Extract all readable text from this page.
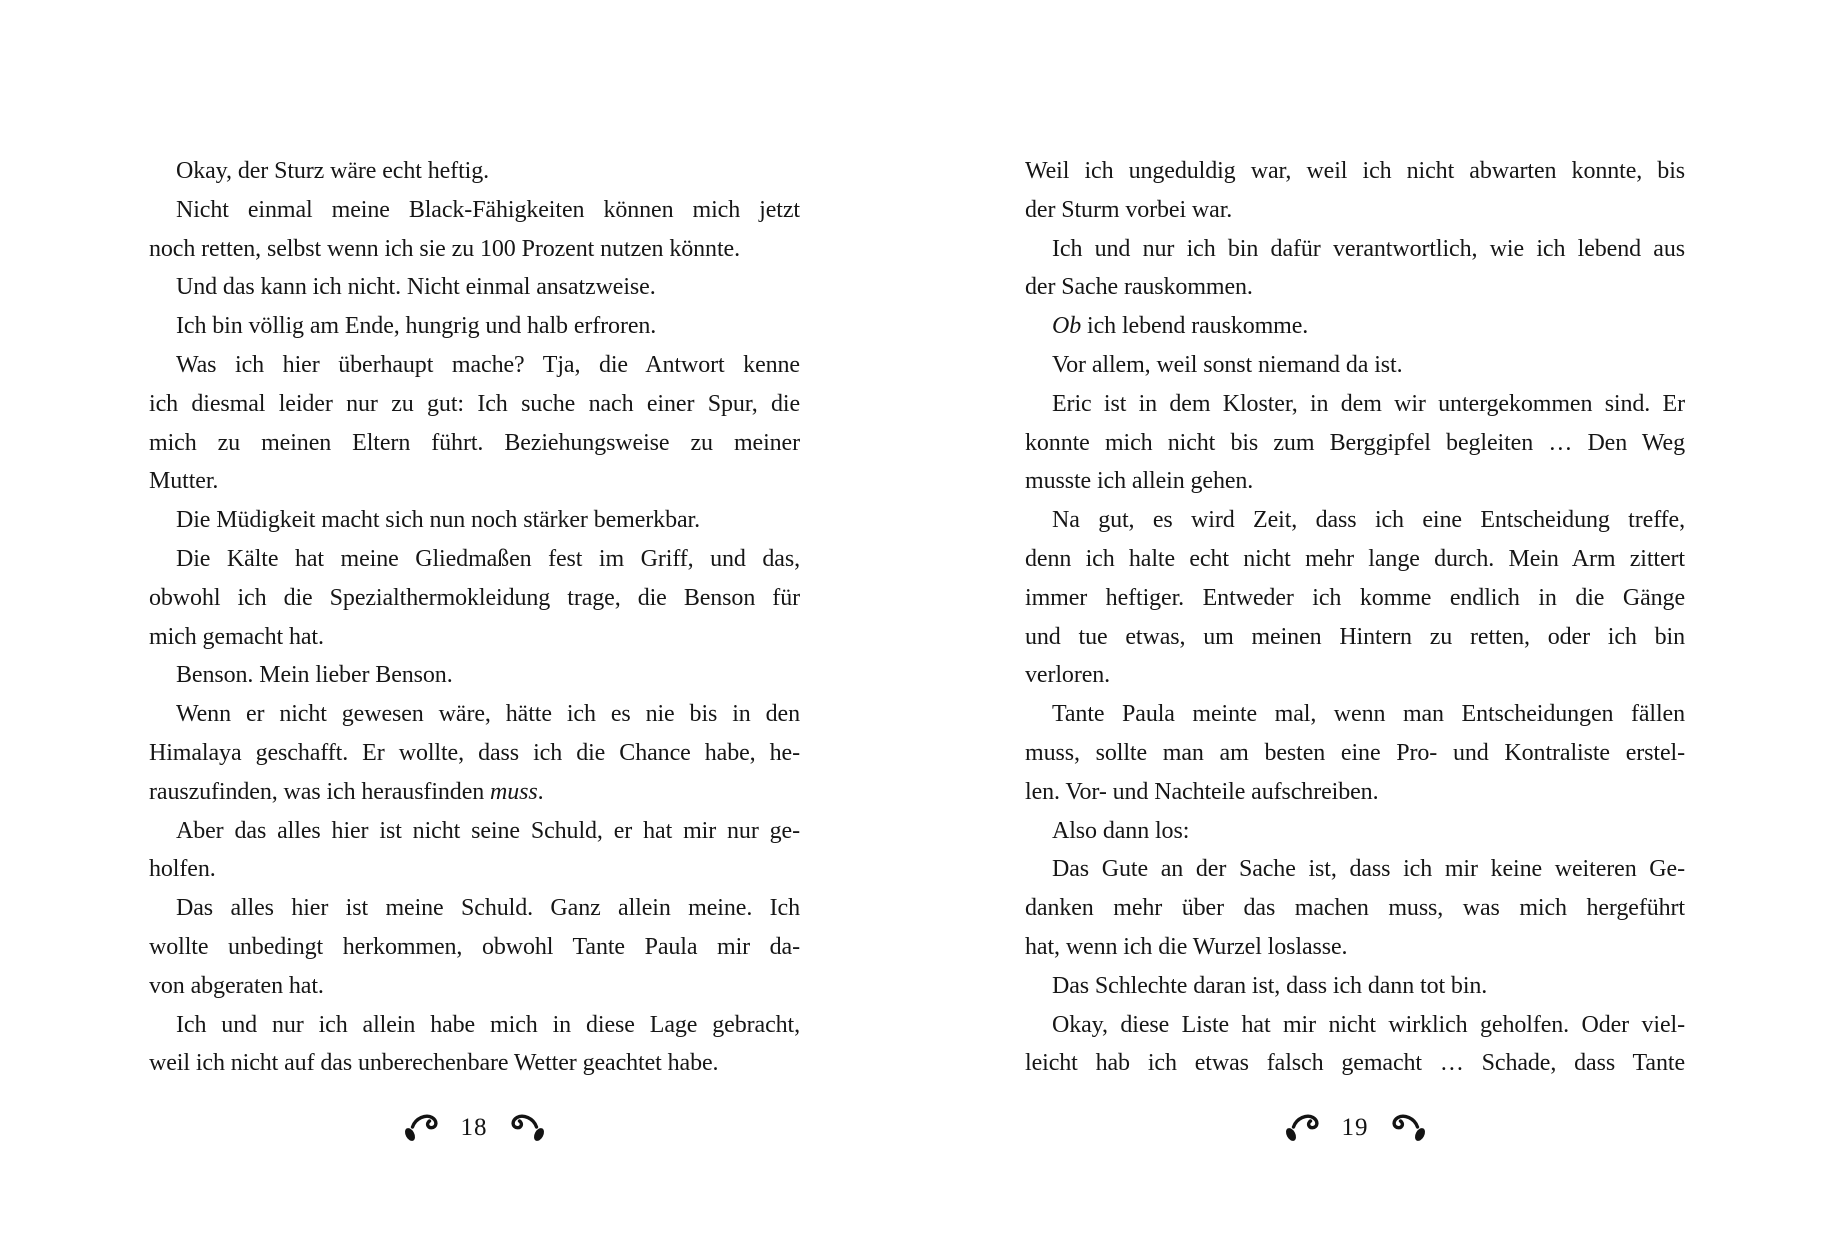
Okay, der Sturz wäre echt heftig.
Nicht einmal meine Black-Fähigkeiten können mich jetzt
noch retten, selbst wenn ich sie zu 100 Prozent nutzen könnte.
Und das kann ich nicht. Nicht einmal ansatzweise.
Ich bin völlig am Ende, hungrig und halb erfroren.
Was ich hier überhaupt mache? Tja, die Antwort kenne
ich diesmal leider nur zu gut: Ich suche nach einer Spur, die
mich zu meinen Eltern führt. Beziehungsweise zu meiner
Mutter.
Die Müdigkeit macht sich nun noch stärker bemerkbar.
Die Kälte hat meine Gliedmaßen fest im Griff, und das,
obwohl ich die Spezialthermokleidung trage, die Benson für
mich gemacht hat.
Benson. Mein lieber Benson.
Wenn er nicht gewesen wäre, hätte ich es nie bis in den
Himalaya geschafft. Er wollte, dass ich die Chance habe, he-
rauszufinden, was ich herausfinden muss.
Aber das alles hier ist nicht seine Schuld, er hat mir nur ge-
holfen.
Das alles hier ist meine Schuld. Ganz allein meine. Ich
wollte unbedingt herkommen, obwohl Tante Paula mir da-
von abgeraten hat.
Ich und nur ich allein habe mich in diese Lage gebracht,
weil ich nicht auf das unberechenbare Wetter geachtet habe.
Weil ich ungeduldig war, weil ich nicht abwarten konnte, bis
der Sturm vorbei war.
Ich und nur ich bin dafür verantwortlich, wie ich lebend aus
der Sache rauskommen.
Ob ich lebend rauskomme.
Vor allem, weil sonst niemand da ist.
Eric ist in dem Kloster, in dem wir untergekommen sind. Er
konnte mich nicht bis zum Berggipfel begleiten … Den Weg
musste ich allein gehen.
Na gut, es wird Zeit, dass ich eine Entscheidung treffe,
denn ich halte echt nicht mehr lange durch. Mein Arm zittert
immer heftiger. Entweder ich komme endlich in die Gänge
und tue etwas, um meinen Hintern zu retten, oder ich bin
verloren.
Tante Paula meinte mal, wenn man Entscheidungen fällen
muss, sollte man am besten eine Pro- und Kontraliste erstel-
len. Vor- und Nachteile aufschreiben.
Also dann los:
Das Gute an der Sache ist, dass ich mir keine weiteren Ge-
danken mehr über das machen muss, was mich hergeführt
hat, wenn ich die Wurzel loslasse.
Das Schlechte daran ist, dass ich dann tot bin.
Okay, diese Liste hat mir nicht wirklich geholfen. Oder viel-
leicht hab ich etwas falsch gemacht … Schade, dass Tante
18	19
